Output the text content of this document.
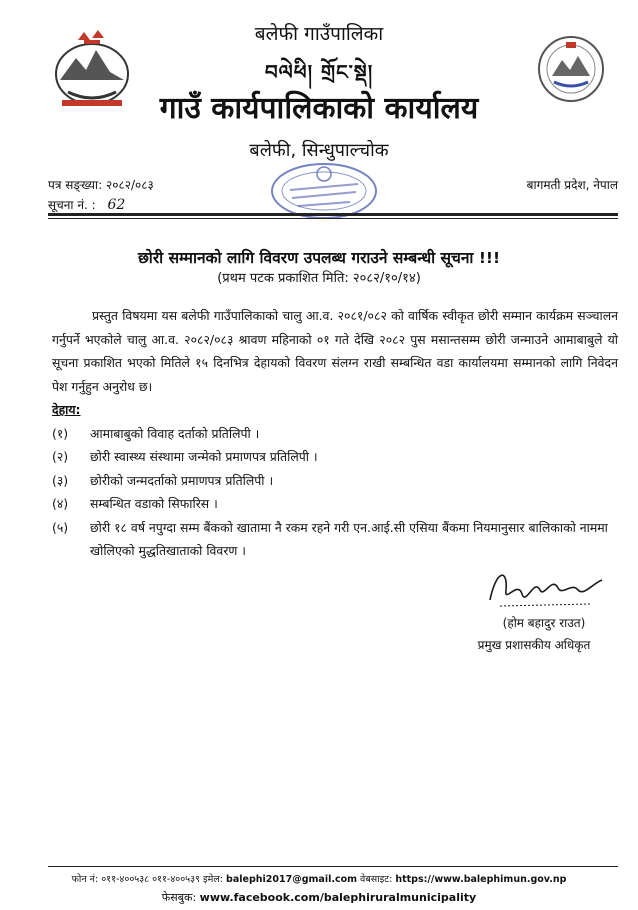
बलेफी गाउँपालिका
བལེཕི། གྲོང་སྡེ།
गाउँ कार्यपालिकाको कार्यालय
बलेफी, सिन्धुपाल्चोक
पत्र सङ्ख्या: २०८२/०८३
सूचना नं. : 62
बागमती प्रदेश, नेपाल
छोरी सम्मानको लागि विवरण उपलब्ध गराउने सम्बन्धी सूचना !!!
(प्रथम पटक प्रकाशित मिति: २०८२/१०/१४)
प्रस्तुत विषयमा यस बलेफी गाउँपालिकाको चालु आ.व. २०८१/०८२ को वार्षिक स्वीकृत छोरी सम्मान कार्यक्रम सञ्चालन गर्नुपर्ने भएकोले चालु आ.व. २०८२/०८३ श्रावण महिनाको ०१ गते देखि २०८२ पुस मसान्तसम्म छोरी जन्माउने आमाबाबुले यो सूचना प्रकाशित भएको मितिले १५ दिनभित्र देहायको विवरण संलग्न राखी सम्बन्धित वडा कार्यालयमा सम्मानको लागि निवेदन पेश गर्नुहुन अनुरोध छ।
देहाय:
(१)	आमाबाबुको विवाह दर्ताको प्रतिलिपी ।
(२)	छोरी स्वास्थ्य संस्थामा जन्मेको प्रमाणपत्र प्रतिलिपी ।
(३)	छोरीको जन्मदर्ताको प्रमाणपत्र प्रतिलिपी ।
(४)	सम्बन्धित वडाको सिफारिस ।
(५)	छोरी १८ वर्ष नपुग्दा सम्म बैंकको खातामा नै रकम रहने गरी एन.आई.सी एसिया बैंकमा नियमानुसार बालिकाको नाममा खोलिएको मुद्धतिखाताको विवरण ।
(होम बहादुर राउत)
प्रमुख प्रशासकीय अधिकृत
फोन नं: ०११-४००५३८ ०११-४००५३९ इमेल: balephi2017@gmail.com वेबसाइट: https://www.balephimun.gov.np
फेसबुक: www.facebook.com/balephiruralmunicipality
